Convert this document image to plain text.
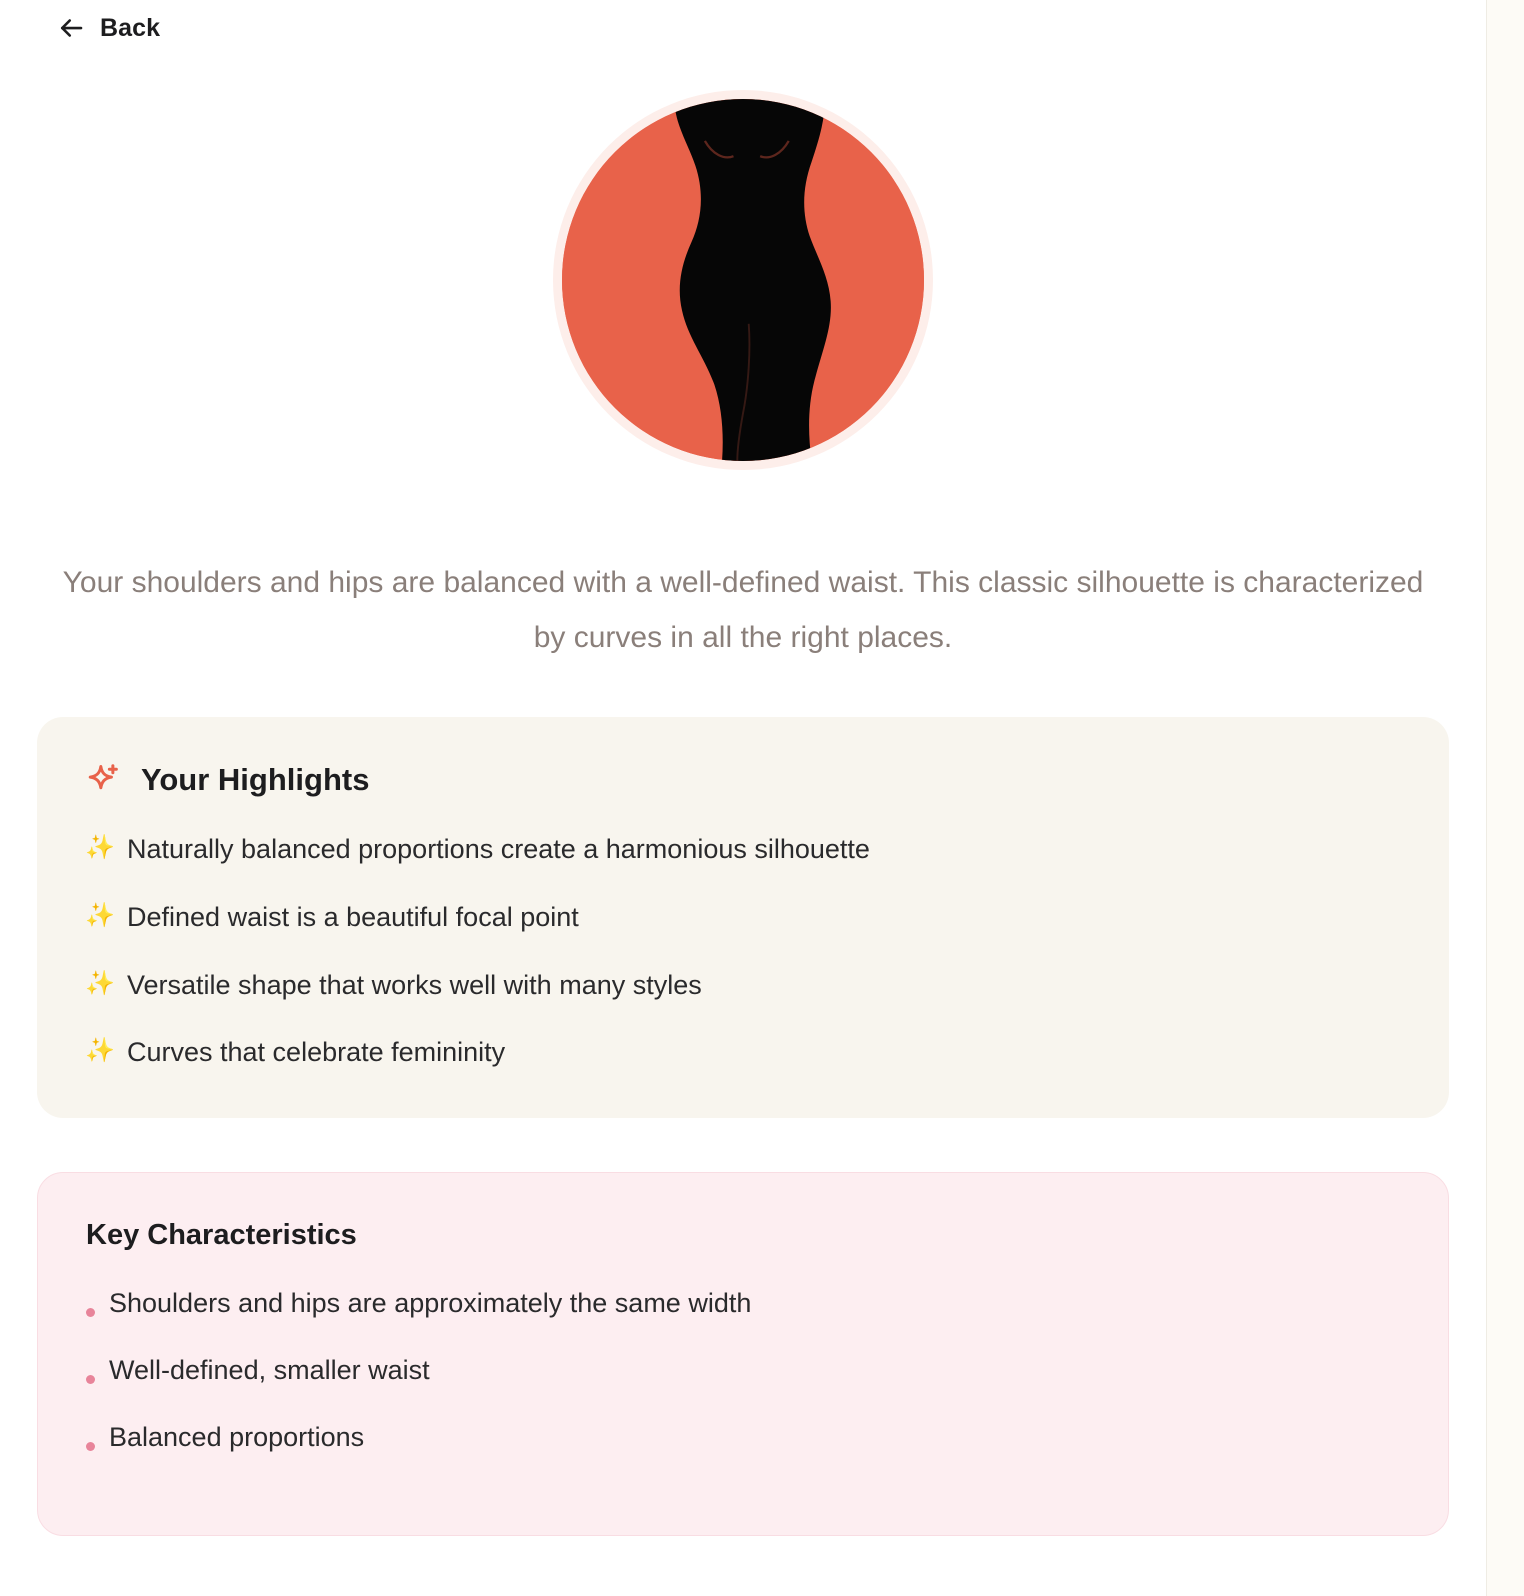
Back

Your shoulders and hips are balanced with a well-defined waist. This classic silhouette is characterized by curves in all the right places.

Your Highlights
✨ Naturally balanced proportions create a harmonious silhouette
✨ Defined waist is a beautiful focal point
✨ Versatile shape that works well with many styles
✨ Curves that celebrate femininity
Key Characteristics
Shoulders and hips are approximately the same width
Well-defined, smaller waist
Balanced proportions
